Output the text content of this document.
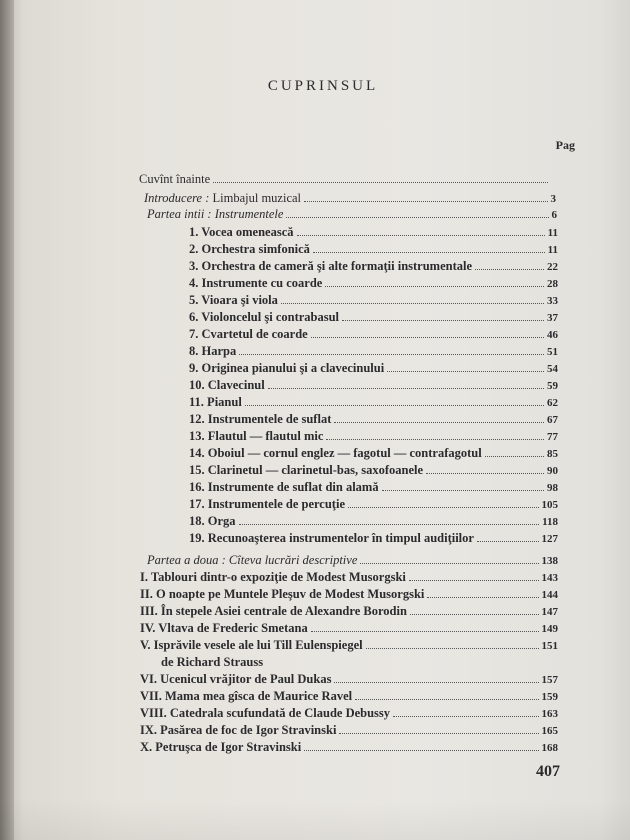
CUPRINSUL
Pag
Cuvînt înainte
Introducere : Limbajul muzical	3
Partea intii : Instrumentele	6
1. Vocea omenească	11
2. Orchestra simfonică	11
3. Orchestra de cameră şi alte formaţii instrumentale	22
4. Instrumente cu coarde	28
5. Vioara şi viola	33
6. Violoncelul şi contrabasul	37
7. Cvartetul de coarde	46
8. Harpa	51
9. Originea pianului şi a clavecinului	54
10. Clavecinul	59
11. Pianul	62
12. Instrumentele de suflat	67
13. Flautul — flautul mic	77
14. Oboiul — cornul englez — fagotul — contrafagotul	85
15. Clarinetul — clarinetul-bas, saxofoanele	90
16. Instrumente de suflat din alamă	98
17. Instrumentele de percuţie	105
18. Orga	118
19. Recunoaşterea instrumentelor în timpul audiţiilor	127
Partea a doua : Cîteva lucrări descriptive	138
I. Tablouri dintr-o expoziţie de Modest Musorgski	143
II. O noapte pe Muntele Pleşuv de Modest Musorgski	144
III. În stepele Asiei centrale de Alexandre Borodin	147
IV. Vltava de Frederic Smetana	149
V. Isprăvile vesele ale lui Till Eulenspiegel	151
de Richard Strauss
VI. Ucenicul vrăjitor de Paul Dukas	157
VII. Mama mea gîsca de Maurice Ravel	159
VIII. Catedrala scufundată de Claude Debussy	163
IX. Pasărea de foc de Igor Stravinski	165
X. Petruşca de Igor Stravinski	168
407
